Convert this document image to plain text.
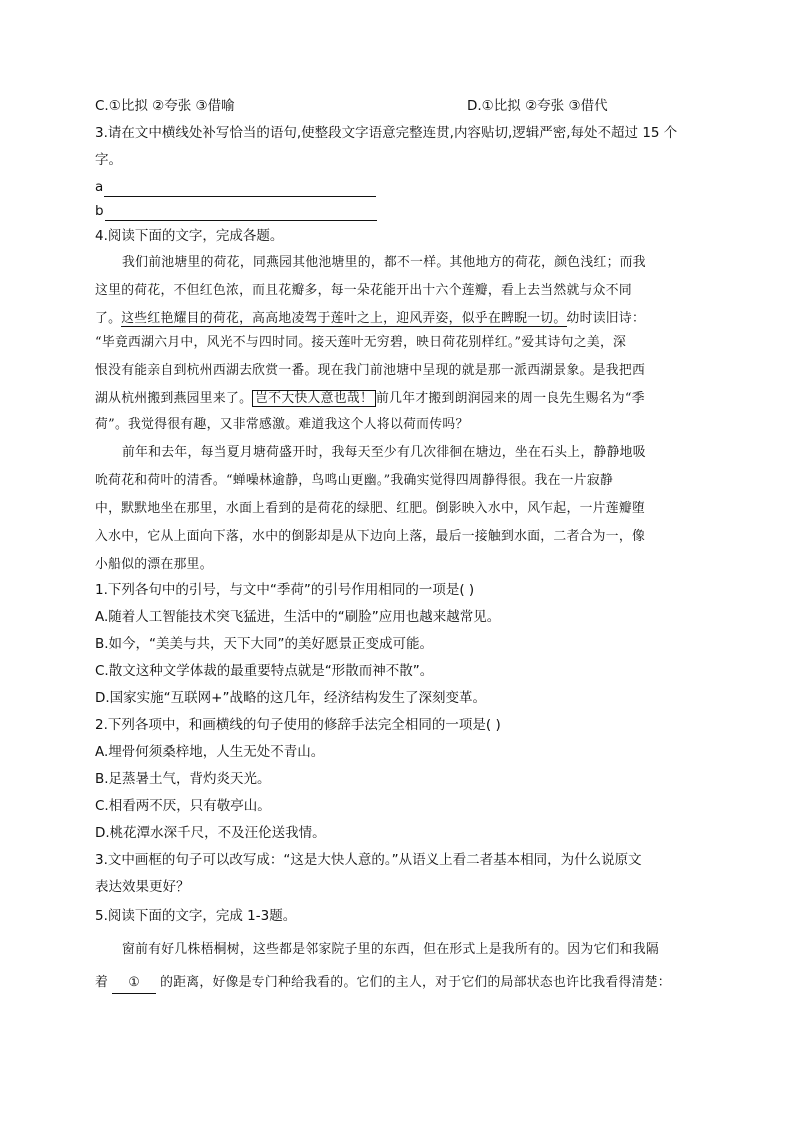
C.①比拟 ②夸张 ③借喻	D.①比拟 ②夸张 ③借代
3.请在文中横线处补写恰当的语句,使整段文字语意完整连贯,内容贴切,逻辑严密,每处不超过 15 个
字。
a
b
4.阅读下面的文字，完成各题。
我们前池塘里的荷花，同燕园其他池塘里的，都不一样。其他地方的荷花，颜色浅红；而我
这里的荷花，不但红色浓，而且花瓣多，每一朵花能开出十六个莲瓣，看上去当然就与众不同
了。这些红艳耀目的荷花，高高地凌驾于莲叶之上，迎风弄姿，似乎在睥睨一切。幼时读旧诗：
“毕竟西湖六月中，风光不与四时同。接天莲叶无穷碧，映日荷花别样红。”爱其诗句之美，深
恨没有能亲自到杭州西湖去欣赏一番。现在我门前池塘中呈现的就是那一派西湖景象。是我把西
湖从杭州搬到燕园里来了。 岂不大快人意也哉！ 前几年才搬到朗润园来的周一良先生赐名为“季
荷”。我觉得很有趣，又非常感激。难道我这个人将以荷而传吗？
前年和去年，每当夏月塘荷盛开时，我每天至少有几次徘徊在塘边，坐在石头上，静静地吸
吮荷花和荷叶的清香。“蝉噪林逾静，鸟鸣山更幽。”我确实觉得四周静得很。我在一片寂静
中，默默地坐在那里，水面上看到的是荷花的绿肥、红肥。倒影映入水中，风乍起，一片莲瓣堕
入水中，它从上面向下落，水中的倒影却是从下边向上落，最后一接触到水面，二者合为一，像
小船似的漂在那里。
1.下列各句中的引号，与文中“季荷”的引号作用相同的一项是( )
A.随着人工智能技术突飞猛进，生活中的“刷脸”应用也越来越常见。
B.如今，“美美与共，天下大同”的美好愿景正变成可能。
C.散文这种文学体裁的最重要特点就是“形散而神不散”。
D.国家实施“互联网+”战略的这几年，经济结构发生了深刻变革。
2.下列各项中，和画横线的句子使用的修辞手法完全相同的一项是( )
A.埋骨何须桑梓地，人生无处不青山。
B.足蒸暑土气，背灼炎天光。
C.相看两不厌，只有敬亭山。
D.桃花潭水深千尺，不及汪伦送我情。
3.文中画框的句子可以改写成：“这是大快人意的。”从语义上看二者基本相同，为什么说原文
表达效果更好？
5.阅读下面的文字，完成 1-3题。
窗前有好几株梧桐树，这些都是邻家院子里的东西，但在形式上是我所有的。因为它们和我隔
着 ① 的距离，好像是专门种给我看的。它们的主人，对于它们的局部状态也许比我看得清楚：
